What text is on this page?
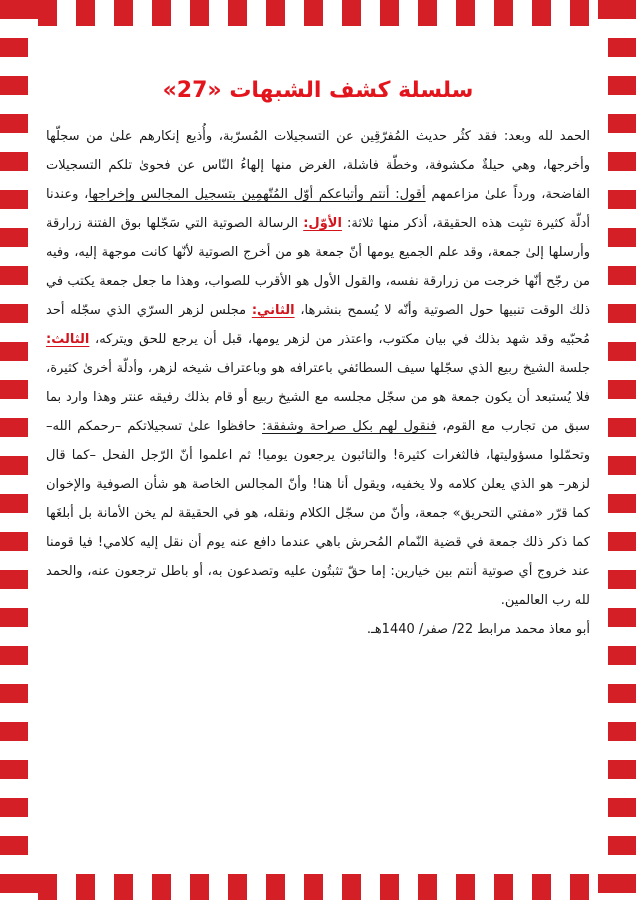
سلسلة كشف الشبهات «27»

الحمد لله وبعد: فقد كثُر حديث المُفرّقِين عن التسجيلات المُسرّبة، وأُذيع إنكارهم علىٰ من سجلّها وأخرجها، وهي حيلةٌ مكشوفة، وخطّة فاشلة، الغرض منها إلهاءُ النّاس عن فحوىٰ تلكم التسجيلات الفاضحة، ورداً علىٰ مزاعمهم أقول: أنتم وأتباعكم أوّل المُتّهمِين بتسجيل المجالس وإخراجها، وعندنا أدلّة كثيرة تثبِت هذه الحقيقة، أذكر منها ثلاثة: الأوّل: الرسالة الصوتية التي سَجّلها بوق الفتنة زرارقة وأرسلها إلىٰ جمعة، وقد علم الجميع يومها أنّ جمعة هو من أخرج الصوتية لأنّها كانت موجهة إليه، وفيه من رجّح أنّها خرجت من زرارقة نفسه، والقول الأول هو الأقرب للصواب، وهذا ما جعل جمعة يكتب في ذلك الوقت تنبيها حول الصوتية وأنّه لا يُسمح بنشرها، الثاني: مجلس لزهر السرّي الذي سجّله أحد مُحبّيه وقد شهد بذلك في بيان مكتوب، واعتذر من لزهر يومها، قبل أن يرجع للحق ويتركه، الثالث: جلسة الشيخ ربيع الذي سجّلها سيف السطائفي باعترافه هو وباعتراف شيخه لزهر، وأدلّة أخرىٰ كثيرة، فلا يُستبعد أن يكون جمعة هو من سجّل مجلسه مع الشيخ ربيع أو قام بذلك رفيقه عنتر وهذا وارد بما سبق من تجارب مع القوم، فنقول لهم بكل صراحة وشفقة: حافظوا علىٰ تسجيلاتكم –رحمكم الله– وتحمّلوا مسؤوليتها، فالثغرات كثيرة! والتائبون يرجعون يوميا! ثم اعلموا أنّ الرّجل الفحل –كما قال لزهر– هو الذي يعلن كلامه ولا يخفيه، ويقول أنا هنا! وأنّ المجالس الخاصة هو شأن الصوفية والإخوان كما قرّر «مفتي التحريق» جمعة، وأنّ من سجّل الكلام ونقله، هو في الحقيقة لم يخن الأمانة بل أبلغَها كما ذكر ذلك جمعة في قضية النّمام المُحرش باهي عندما دافع عنه يوم أن نقل إليه كلامي! فيا قومنا عند خروج أي صوتية أنتم بين خيارين: إما حقّ تثبتُون عليه وتصدعون به، أو باطل ترجعون عنه، والحمد لله رب العالمين.

أبو معاذ محمد مرابط 22/ صفر/ 1440هـ.
